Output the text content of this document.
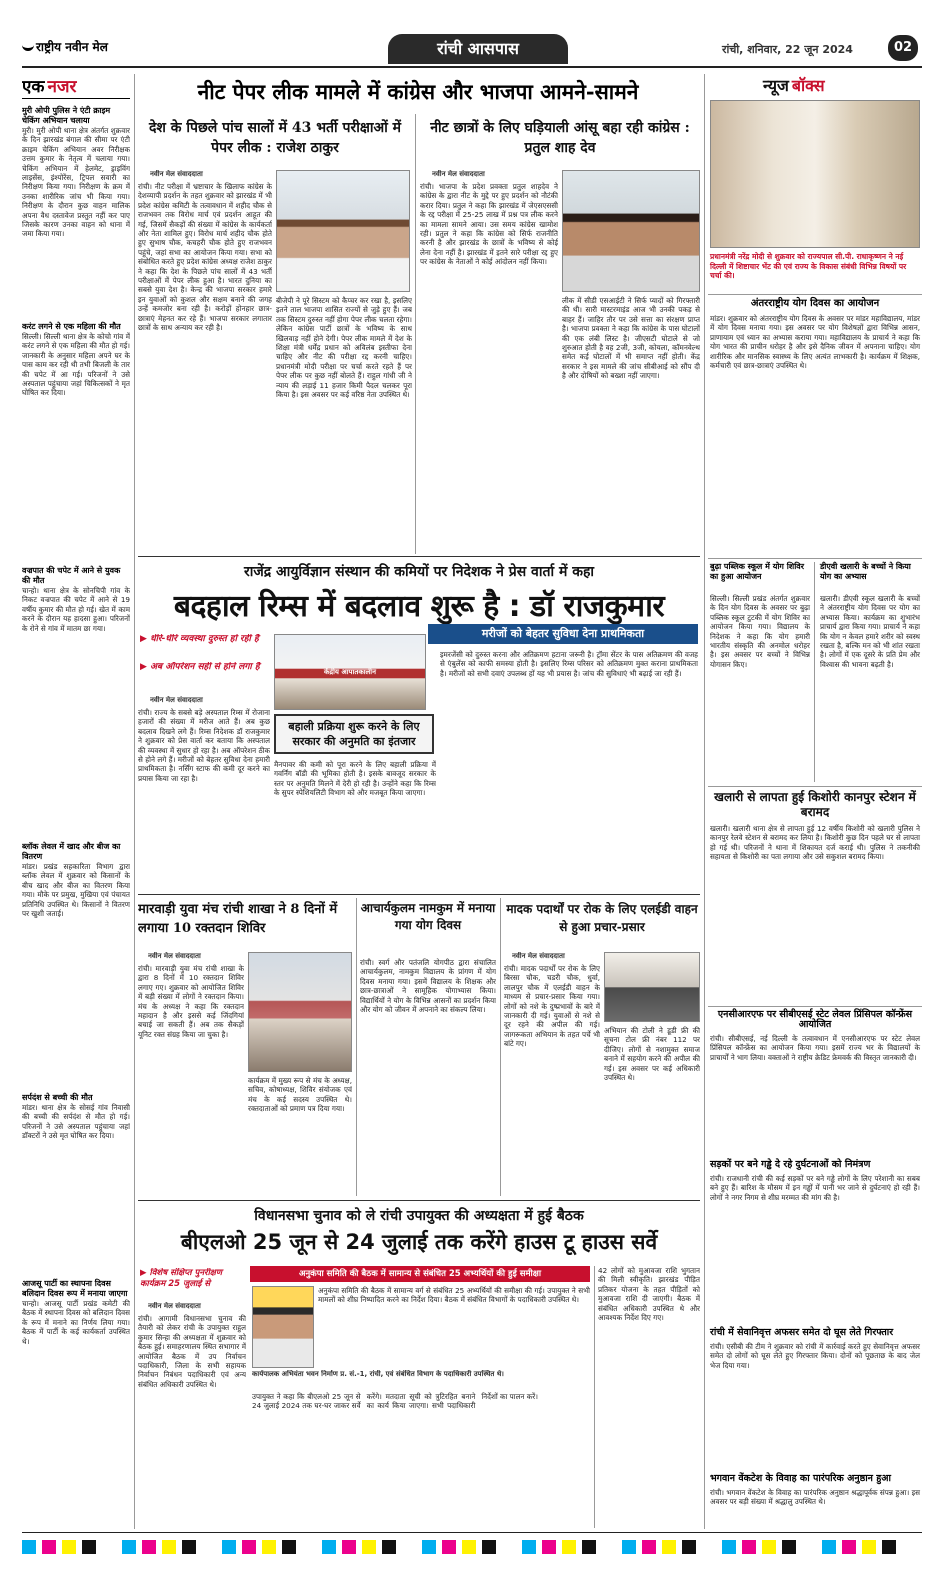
राष्ट्रीय नवीन मेल	रांची आसपास	रांची, शनिवार, 22 जून 2024	02
एक नजर
मुरी ओपी पुलिस ने एंटी क्राइम चेकिंग अभियान चलाया
मुरी। मुरी ओपी थाना क्षेत्र अंतर्गत शुक्रवार के दिन झारखंड बंगाल की सीमा पर एंटी क्राइम चेकिंग अभियान अवर निरीक्षक उत्तम कुमार के नेतृत्व में चलाया गया। चेकिंग अभियान में हेलमेट, ड्राइविंग लाइसेंस, इंश्योरेंस, ट्रिपल सवारी का निरीक्षण किया गया। निरीक्षण के क्रम में उनका शारीरिक जांच भी किया गया। निरीक्षण के दौरान कुछ वाहन मालिक अपना वैध दस्तावेज प्रस्तुत नहीं कर पाए जिसके कारण उनका वाहन को थाना में जमा किया गया।
करंट लगने से एक महिला की मौत
सिल्ली। सिल्ली थाना क्षेत्र के कोचो गांव में करंट लगने से एक महिला की मौत हो गई। जानकारी के अनुसार महिला अपने घर के पास काम कर रही थी तभी बिजली के तार की चपेट में आ गई। परिजनों ने उसे अस्पताल पहुंचाया जहां चिकित्सकों ने मृत घोषित कर दिया।
वज्रपात की चपेट में आने से युवक की मौत
चान्हो। थाना क्षेत्र के सोनचिपी गांव के निकट वज्रपात की चपेट में आने से 19 वर्षीय कुमार की मौत हो गई। खेत में काम करने के दौरान यह हादसा हुआ। परिजनों के रोने से गांव में मातम छा गया।
ब्लॉक लेवल में खाद और बीज का वितरण
मांडर। प्रखंड सहकारिता विभाग द्वारा ब्लॉक लेवल में शुक्रवार को किसानों के बीच खाद और बीज का वितरण किया गया। मौके पर प्रमुख, मुखिया एवं पंचायत प्रतिनिधि उपस्थित थे। किसानों ने वितरण पर खुशी जताई।
सर्पदंश से बच्ची की मौत
मांडर। थाना क्षेत्र के सोसई गांव निवासी की बच्ची की सर्पदंश से मौत हो गई। परिजनों ने उसे अस्पताल पहुंचाया जहां डॉक्टरों ने उसे मृत घोषित कर दिया।
आजसू पार्टी का स्थापना दिवस बलिदान दिवस रूप में मनाया जाएगा
चान्हो। आजसू पार्टी प्रखंड कमेटी की बैठक में स्थापना दिवस को बलिदान दिवस के रूप में मनाने का निर्णय लिया गया। बैठक में पार्टी के कई कार्यकर्ता उपस्थित थे।
नीट पेपर लीक मामले में कांग्रेस और भाजपा आमने-सामने
देश के पिछले पांच सालों में 43 भर्ती परीक्षाओं में पेपर लीक : राजेश ठाकुर
नवीन मेल संवाददाता
रांची। नीट परीक्षा में भ्रष्टाचार के खिलाफ कांग्रेस के देशव्यापी प्रदर्शन के तहत शुक्रवार को झारखंड में भी प्रदेश कांग्रेस कमिटी के तत्वावधान में शहीद चौक से राजभवन तक विरोध मार्च एवं प्रदर्शन आहूत की गई, जिसमें सैकड़ों की संख्या में कांग्रेस के कार्यकर्ता और नेता शामिल हुए। विरोध मार्च शहीद चौक होते हुए सुभाष चौक, कचहरी चौक होते हुए राजभवन पहुंचे, जहां सभा का आयोजन किया गया। सभा को संबोधित करते हुए प्रदेश कांग्रेस अध्यक्ष राजेश ठाकुर ने कहा कि देश के पिछले पांच सालों में 43 भर्ती परीक्षाओं में पेपर लीक हुआ है। भारत दुनिया का सबसे युवा देश है। केन्द्र की भाजपा सरकार हमारे इन युवाओं को कुशल और सक्षम बनाने की जगह उन्हें कमजोर बना रही है। करोड़ों होनहार छात्र-छात्राएं मेहनत कर रहे हैं। भाजपा सरकार लगातार छात्रों के साथ अन्याय कर रही है।
बीजेपी ने पूरे सिस्टम को कैप्चर कर रखा है, इसलिए इतने ताल भाजपा शासित राज्यों से जुड़े हुए हैं। जब तक सिस्टम दुरुस्त नहीं होगा पेपर लीक चलता रहेगा। लेकिन कांग्रेस पार्टी छात्रों के भविष्य के साथ खिलवाड़ नहीं होने देगी। पेपर लीक मामले में देश के शिक्षा मंत्री धर्मेंद्र प्रधान को अविलंब इस्तीफा देना चाहिए और नीट की परीक्षा रद्द करनी चाहिए। प्रधानमंत्री मोदी परीक्षा पर चर्चा करते रहते हैं पर पेपर लीक पर कुछ नहीं बोलते हैं। राहुल गांधी जी ने न्याय की लड़ाई 11 हजार किमी पैदल चलकर पूरा किया है। इस अवसर पर कई वरिष्ठ नेता उपस्थित थे।
नीट छात्रों के लिए घड़ियाली आंसू बहा रही कांग्रेस : प्रतुल शाह देव
नवीन मेल संवाददाता
रांची। भाजपा के प्रदेश प्रवक्ता प्रतुल शाहदेव ने कांग्रेस के द्वारा नीट के मुद्दे पर हुए प्रदर्शन को नौटंकी करार दिया। प्रतुल ने कहा कि झारखंड में जेएसएससी के रद्द परीक्षा में 25-25 लाख में प्रश्न पत्र लीक करने का मामला सामने आया। उस समय कांग्रेस खामोश रही। प्रतुल ने कहा कि कांग्रेस को सिर्फ राजनीति करनी है और झारखंड के छात्रों के भविष्य से कोई लेना देना नहीं है। झारखंड में इतने सारे परीक्षा रद्द हुए पर कांग्रेस के नेताओं ने कोई आंदोलन नहीं किया।
लीक में सीडी एसआईटी ने सिर्फ प्यादों को गिरफ्तारी की थी। सारी मास्टरमाइंड आज भी उनकी पकड़ से बाहर हैं। जाहिर तौर पर उसे सत्ता का संरक्षण प्राप्त है। भाजपा प्रवक्ता ने कहा कि कांग्रेस के पास घोटालों की एक लंबी लिस्ट है। जीएसटी घोटाले से जो शुरुआत होती है वह 2जी, 3जी, कोयला, कॉमनवेल्थ समेत कई घोटालों में भी समाप्त नहीं होती। केंद्र सरकार ने इस मामले की जांच सीबीआई को सौंप दी है और दोषियों को बख्शा नहीं जाएगा।
न्यूज बॉक्स
प्रधानमंत्री नरेंद्र मोदी से शुक्रवार को राज्यपाल सी.पी. राधाकृष्णन ने नई दिल्ली में शिष्टाचार भेंट की एवं राज्य के विकास संबंधी विभिन्न विषयों पर चर्चा की।
अंतरराष्ट्रीय योग दिवस का आयोजन
मांडर। शुक्रवार को अंतरराष्ट्रीय योग दिवस के अवसर पर मांडर महाविद्यालय, मांडर में योग दिवस मनाया गया। इस अवसर पर योग विशेषज्ञों द्वारा विभिन्न आसन, प्राणायाम एवं ध्यान का अभ्यास कराया गया। महाविद्यालय के प्राचार्य ने कहा कि योग भारत की प्राचीन धरोहर है और इसे दैनिक जीवन में अपनाना चाहिए। योग शारीरिक और मानसिक स्वास्थ्य के लिए अत्यंत लाभकारी है। कार्यक्रम में शिक्षक, कर्मचारी एवं छात्र-छात्राएं उपस्थित थे।
बुढ़ा पब्लिक स्कूल में योग शिविर का हुआ आयोजन
सिल्ली। सिल्ली प्रखंड अंतर्गत शुक्रवार के दिन योग दिवस के अवसर पर बुढ़ा पब्लिक स्कूल टुटकी में योग शिविर का आयोजन किया गया। विद्यालय के निदेशक ने कहा कि योग हमारी भारतीय संस्कृति की अनमोल धरोहर है। इस अवसर पर बच्चों ने विभिन्न योगासन किए।
डीएवी खलारी के बच्चों ने किया योग का अभ्यास
खलारी। डीएवी स्कूल खलारी के बच्चों ने अंतरराष्ट्रीय योग दिवस पर योग का अभ्यास किया। कार्यक्रम का शुभारंभ प्राचार्य द्वारा किया गया। प्राचार्य ने कहा कि योग न केवल हमारे शरीर को स्वस्थ रखता है, बल्कि मन को भी शांत रखता है। लोगों में एक दूसरे के प्रति प्रेम और विश्वास की भावना बढ़ती है।
खलारी से लापता हुई किशोरी कानपुर स्टेशन में बरामद
खलारी। खलारी थाना क्षेत्र से लापता हुई 12 वर्षीय किशोरी को खलारी पुलिस ने कानपुर रेलवे स्टेशन से बरामद कर लिया है। किशोरी कुछ दिन पहले घर से लापता हो गई थी। परिजनों ने थाना में शिकायत दर्ज कराई थी। पुलिस ने तकनीकी सहायता से किशोरी का पता लगाया और उसे सकुशल बरामद किया।
एनसीआरएफ पर सीबीएसई स्टेट लेवल प्रिंसिपल कॉन्फ्रेंस आयोजित
रांची। सीबीएसई, नई दिल्ली के तत्वावधान में एनसीआरएफ पर स्टेट लेवल प्रिंसिपल कॉन्फ्रेंस का आयोजन किया गया। इसमें राज्य भर के विद्यालयों के प्राचार्यों ने भाग लिया। वक्ताओं ने राष्ट्रीय क्रेडिट फ्रेमवर्क की विस्तृत जानकारी दी।
सड़कों पर बने गड्ढे दे रहे दुर्घटनाओं को निमंत्रण
रांची। राजधानी रांची की कई सड़कों पर बने गड्ढे लोगों के लिए परेशानी का सबब बने हुए हैं। बारिश के मौसम में इन गड्ढों में पानी भर जाने से दुर्घटनाएं हो रही हैं। लोगों ने नगर निगम से शीघ्र मरम्मत की मांग की है।
रांची में सेवानिवृत्त अफसर समेत दो घूस लेते गिरफ्तार
रांची। एसीबी की टीम ने शुक्रवार को रांची में कार्रवाई करते हुए सेवानिवृत्त अफसर समेत दो लोगों को घूस लेते हुए गिरफ्तार किया। दोनों को पूछताछ के बाद जेल भेज दिया गया।
भगवान वेंकटेश के विवाह का पारंपरिक अनुष्ठान हुआ
रांची। भगवान वेंकटेश के विवाह का पारंपरिक अनुष्ठान श्रद्धापूर्वक संपन्न हुआ। इस अवसर पर बड़ी संख्या में श्रद्धालु उपस्थित थे।
राजेंद्र आयुर्विज्ञान संस्थान की कमियों पर निदेशक ने प्रेस वार्ता में कहा
बदहाल रिम्स में बदलाव शुरू है : डॉ राजकुमार
▶ धीरे-धीरे व्यवस्था दुरुस्त हो रही है
▶ अब ऑपरेशन सही से होने लगा है
नवीन मेल संवाददाता
रांची। राज्य के सबसे बड़े अस्पताल रिम्स में रोजाना हजारों की संख्या में मरीज आते हैं। अब कुछ बदलाव दिखने लगे हैं। रिम्स निदेशक डॉ राजकुमार ने शुक्रवार को प्रेस वार्ता कर बताया कि अस्पताल की व्यवस्था में सुधार हो रहा है। अब ऑपरेशन ठीक से होने लगे हैं। मरीजों को बेहतर सुविधा देना हमारी प्राथमिकता है। नर्सिंग स्टाफ की कमी दूर करने का प्रयास किया जा रहा है।
केंद्रीय आपातकालीन
मरीजों को बेहतर सुविधा देना प्राथमिकता
बहाली प्रक्रिया शुरू करने के लिए सरकार की अनुमति का इंतजार
मैनपावर की कमी को पूरा करने के लिए बहाली प्रक्रिया में गवर्निंग बॉडी की भूमिका होती है। इसके बावजूद सरकार के स्तर पर अनुमति मिलने में देरी हो रही है। उन्होंने कहा कि रिम्स के सुपर स्पेशियलिटी विभाग को और मजबूत किया जाएगा।
इमरजेंसी को दुरुस्त करना और अतिक्रमण हटाना जरूरी है। ट्रॉमा सेंटर के पास अतिक्रमण की वजह से एंबुलेंस को काफी समस्या होती है। इसलिए रिम्स परिसर को अतिक्रमण मुक्त कराना प्राथमिकता है। मरीजों को सभी दवाएं उपलब्ध हों यह भी प्रयास है। जांच की सुविधाएं भी बढ़ाई जा रही हैं।
मारवाड़ी युवा मंच रांची शाखा ने 8 दिनों में लगाया 10 रक्तदान शिविर
नवीन मेल संवाददाता
रांची। मारवाड़ी युवा मंच रांची शाखा के द्वारा 8 दिनों में 10 रक्तदान शिविर लगाए गए। शुक्रवार को आयोजित शिविर में बड़ी संख्या में लोगों ने रक्तदान किया। मंच के अध्यक्ष ने कहा कि रक्तदान महादान है और इससे कई जिंदगियां बचाई जा सकती हैं। अब तक सैकड़ों यूनिट रक्त संग्रह किया जा चुका है।
कार्यक्रम में मुख्य रूप से मंच के अध्यक्ष, सचिव, कोषाध्यक्ष, शिविर संयोजक एवं मंच के कई सदस्य उपस्थित थे। रक्तदाताओं को प्रमाण पत्र दिया गया।
आचार्यकुलम नामकुम में मनाया गया योग दिवस
रांची। स्वर्ग और पतंजलि योगपीठ द्वारा संचालित आचार्यकुलम, नामकुम विद्यालय के प्रांगण में योग दिवस मनाया गया। इसमें विद्यालय के शिक्षक और छात्र-छात्राओं ने सामूहिक योगाभ्यास किया। विद्यार्थियों ने योग के विभिन्न आसनों का प्रदर्शन किया और योग को जीवन में अपनाने का संकल्प लिया।
मादक पदार्थों पर रोक के लिए एलईडी वाहन से हुआ प्रचार-प्रसार
नवीन मेल संवाददाता
रांची। मादक पदार्थों पर रोक के लिए बिरसा चौक, चडरी चौक, धुर्वा, लालपुर चौक में एलईडी वाहन के माध्यम से प्रचार-प्रसार किया गया। लोगों को नशे के दुष्प्रभावों के बारे में जानकारी दी गई। युवाओं से नशे से दूर रहने की अपील की गई। जागरूकता अभियान के तहत पर्चे भी बांटे गए।
अभियान की टोली ने डूडी फ्री की सूचना टोल फ्री नंबर 112 पर दीजिए। लोगों से नशामुक्त समाज बनाने में सहयोग करने की अपील की गई। इस अवसर पर कई अधिकारी उपस्थित थे।
विधानसभा चुनाव को ले रांची उपायुक्त की अध्यक्षता में हुई बैठक
बीएलओ 25 जून से 24 जुलाई तक करेंगे हाउस टू हाउस सर्वे
▶ विशेष संक्षिप्त पुनरीक्षण कार्यक्रम 25 जुलाई से
नवीन मेल संवाददाता
रांची। आगामी विधानसभा चुनाव की तैयारी को लेकर रांची के उपायुक्त राहुल कुमार सिन्हा की अध्यक्षता में शुक्रवार को बैठक हुई। समाहरणालय स्थित सभागार में आयोजित बैठक में उप निर्वाचन पदाधिकारी, जिला के सभी सहायक निर्वाचन निबंधन पदाधिकारी एवं अन्य संबंधित अधिकारी उपस्थित थे।
अनुकंपा समिति की बैठक में सामान्य से संबंधित 25 अभ्यर्थियों की हुई समीक्षा
अनुकंपा समिति की बैठक में सामान्य वर्ग से संबंधित 25 अभ्यर्थियों की समीक्षा की गई। उपायुक्त ने सभी मामलों को शीघ्र निष्पादित करने का निर्देश दिया। बैठक में संबंधित विभागों के पदाधिकारी उपस्थित थे।
कार्यपालक अभियंता भवन निर्माण प्र. सं.-1, रांची, एवं संबंधित विभाग के पदाधिकारी उपस्थित थे।
उपायुक्त ने कहा कि बीएलओ 25 जून से 24 जुलाई 2024 तक घर-घर जाकर सर्वे करेंगे। मतदाता सूची को त्रुटिरहित बनाने का कार्य किया जाएगा। सभी पदाधिकारी निर्देशों का पालन करें।
42 लोगों को मुआवजा राशि भुगतान की मिली स्वीकृति। झारखंड पीड़ित प्रतिकर योजना के तहत पीड़ितों को मुआवजा राशि दी जाएगी। बैठक में संबंधित अधिकारी उपस्थित थे और आवश्यक निर्देश दिए गए।
